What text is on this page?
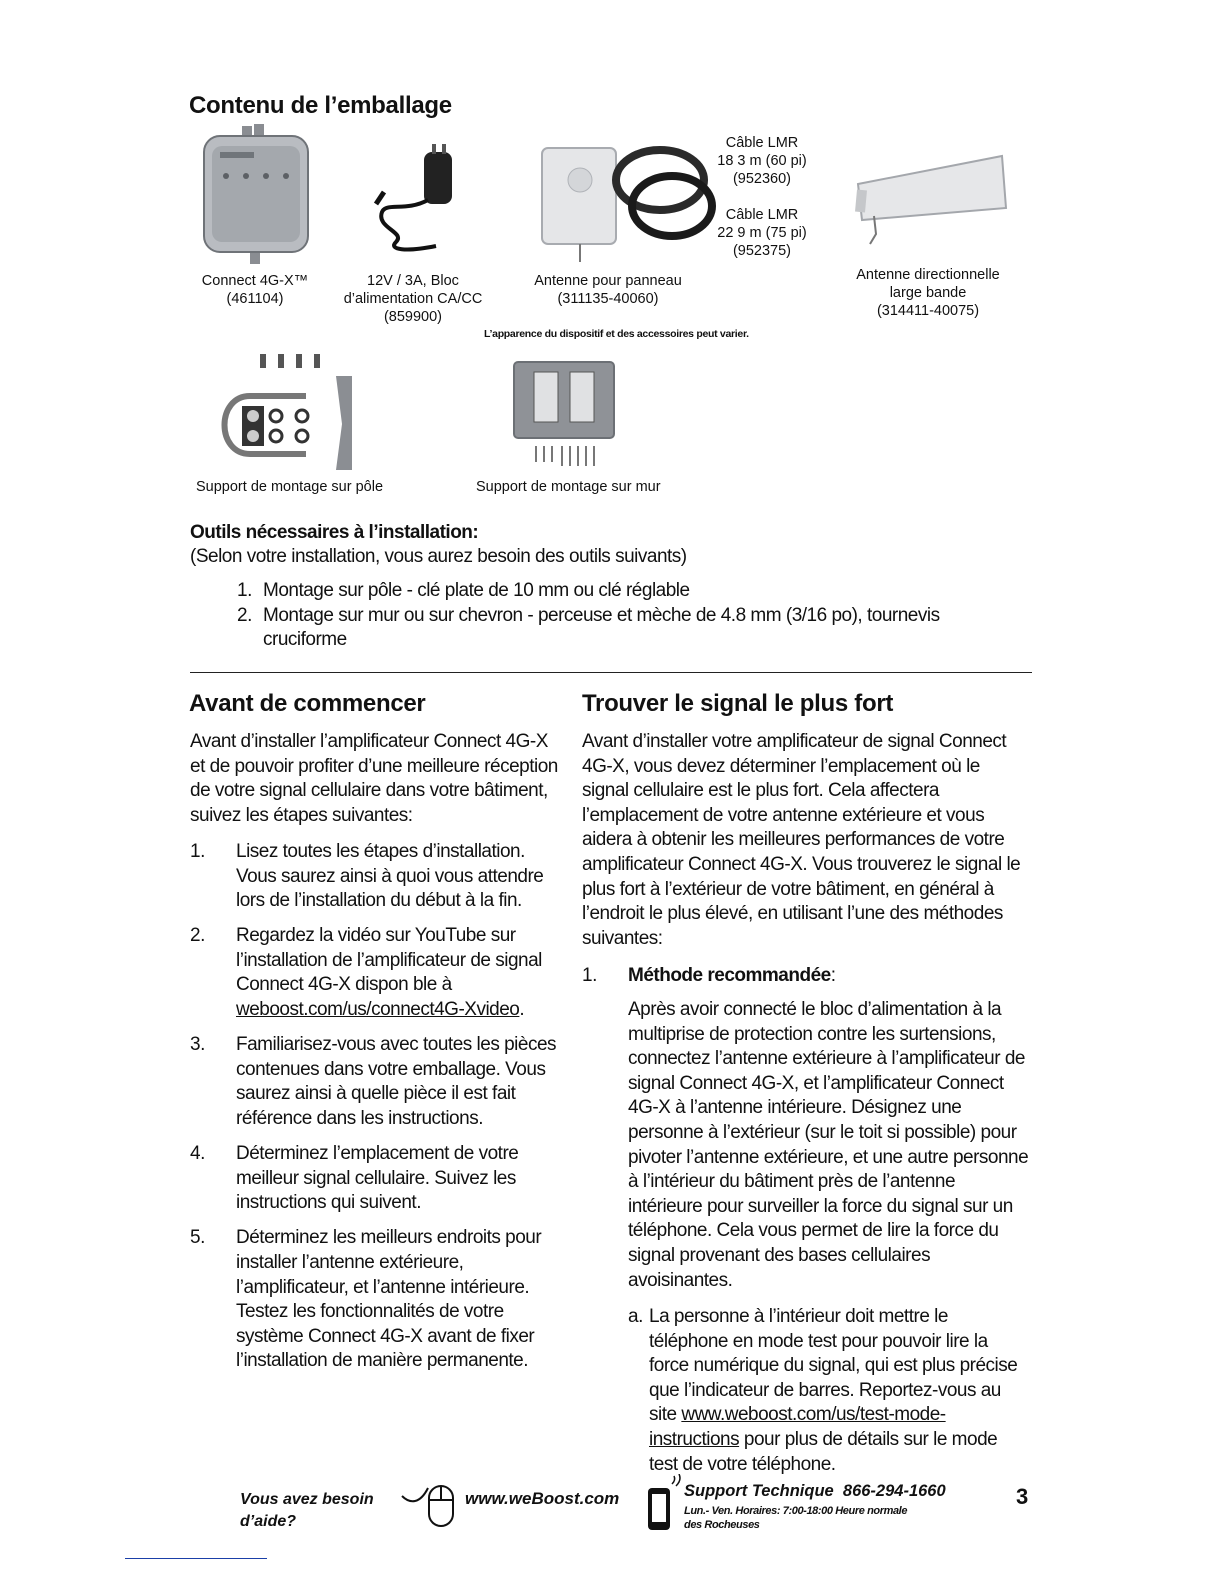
Contenu de l’emballage
Connect 4G-X™
(461104)
12V / 3A, Bloc
d’alimentation CA/CC
(859900)
Antenne pour panneau
(311135-40060)
Câble LMR
18 3 m (60 pi)
(952360)
Câble LMR
22 9 m (75 pi)
(952375)
Antenne directionnelle
large bande
(314411-40075)
L’apparence du dispositif et des accessoires peut varier.
Support de montage sur pôle	Support de montage sur mur
Outils nécessaires à l’installation:
(Selon votre installation, vous aurez besoin des outils suivants)
1. Montage sur pôle - clé plate de 10 mm ou clé réglable
2. Montage sur mur ou sur chevron - perceuse et mèche de 4.8 mm (3/16 po), tournevis cruciforme
Avant de commencer

Avant d’installer l’amplificateur Connect 4G-X et de pouvoir profiter d’une meilleure réception de votre signal cellulaire dans votre bâtiment, suivez les étapes suivantes:

1. Lisez toutes les étapes d’installation. Vous saurez ainsi à quoi vous attendre lors de l’installation du début à la fin.
2. Regardez la vidéo sur YouTube sur l’installation de l’amplificateur de signal Connect 4G-X dispon ble à weboost.com/us/connect4G-Xvideo.
3. Familiarisez-vous avec toutes les pièces contenues dans votre emballage. Vous saurez ainsi à quelle pièce il est fait référence dans les instructions.
4. Déterminez l’emplacement de votre meilleur signal cellulaire. Suivez les instructions qui suivent.
5. Déterminez les meilleurs endroits pour installer l’antenne extérieure, l’amplificateur, et l’antenne intérieure. Testez les fonctionnalités de votre système Connect 4G-X avant de fixer l’installation de manière permanente.
Trouver le signal le plus fort

Avant d’installer votre amplificateur de signal Connect 4G-X, vous devez déterminer l’emplacement où le signal cellulaire est le plus fort. Cela affectera l’emplacement de votre antenne extérieure et vous aidera à obtenir les meilleures performances de votre amplificateur Connect 4G-X. Vous trouverez le signal le plus fort à l’extérieur de votre bâtiment, en général à l’endroit le plus élevé, en utilisant l’une des méthodes suivantes:

1. Méthode recommandée:

Après avoir connecté le bloc d’alimentation à la multiprise de protection contre les surtensions, connectez l’antenne extérieure à l’amplificateur de signal Connect 4G-X, et l’amplificateur Connect 4G-X à l’antenne intérieure. Désignez une personne à l’extérieur (sur le toit si possible) pour pivoter l’antenne extérieure, et une autre personne à l’intérieur du bâtiment près de l’antenne intérieure pour surveiller la force du signal sur un téléphone. Cela vous permet de lire la force du signal provenant des bases cellulaires avoisinantes.

a. La personne à l’intérieur doit mettre le téléphone en mode test pour pouvoir lire la force numérique du signal, qui est plus précise que l’indicateur de barres. Reportez-vous au site www.weboost.com/us/test-mode-instructions pour plus de détails sur le mode test de votre téléphone.

Vous avez besoin
d’aide?
www.weBoost.com	Support Technique 866-294-1660
Lun.- Ven. Horaires: 7:00-18:00 Heure normale
des Rocheuses
3
